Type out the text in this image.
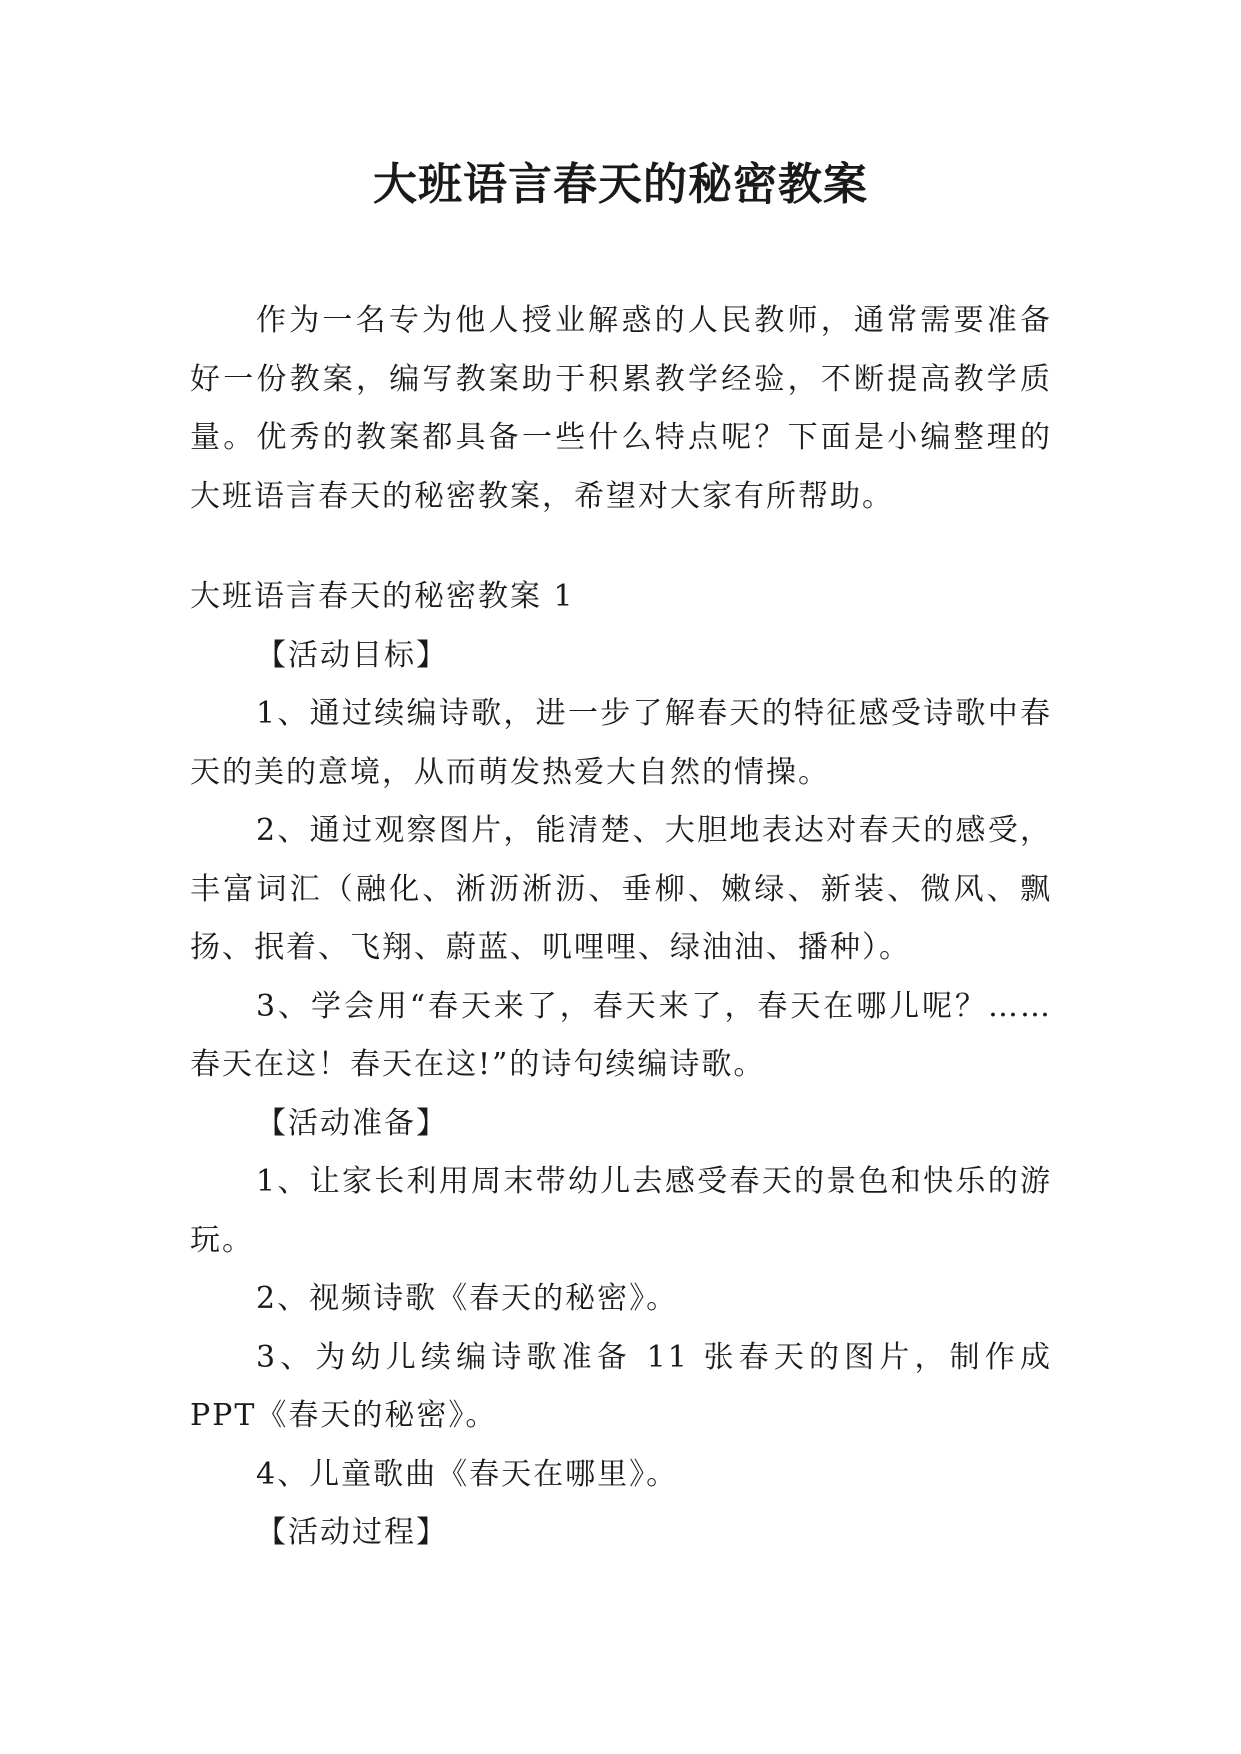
大班语言春天的秘密教案

作为一名专为他人授业解惑的人民教师，通常需要准备好一份教案，编写教案助于积累教学经验，不断提高教学质量。优秀的教案都具备一些什么特点呢？下面是小编整理的大班语言春天的秘密教案，希望对大家有所帮助。

大班语言春天的秘密教案 1

【活动目标】

1、通过续编诗歌，进一步了解春天的特征感受诗歌中春天的美的意境，从而萌发热爱大自然的情操。

2、通过观察图片，能清楚、大胆地表达对春天的感受，丰富词汇（融化、淅沥淅沥、垂柳、嫩绿、新装、微风、飘扬、抿着、飞翔、蔚蓝、叽哩哩、绿油油、播种）。

3、学会用“春天来了，春天来了，春天在哪儿呢？……春天在这！春天在这!”的诗句续编诗歌。

【活动准备】

1、让家长利用周末带幼儿去感受春天的景色和快乐的游玩。

2、视频诗歌《春天的秘密》。

3、为幼儿续编诗歌准备 11 张春天的图片，制作成 PPT《春天的秘密》。

4、儿童歌曲《春天在哪里》。

【活动过程】
